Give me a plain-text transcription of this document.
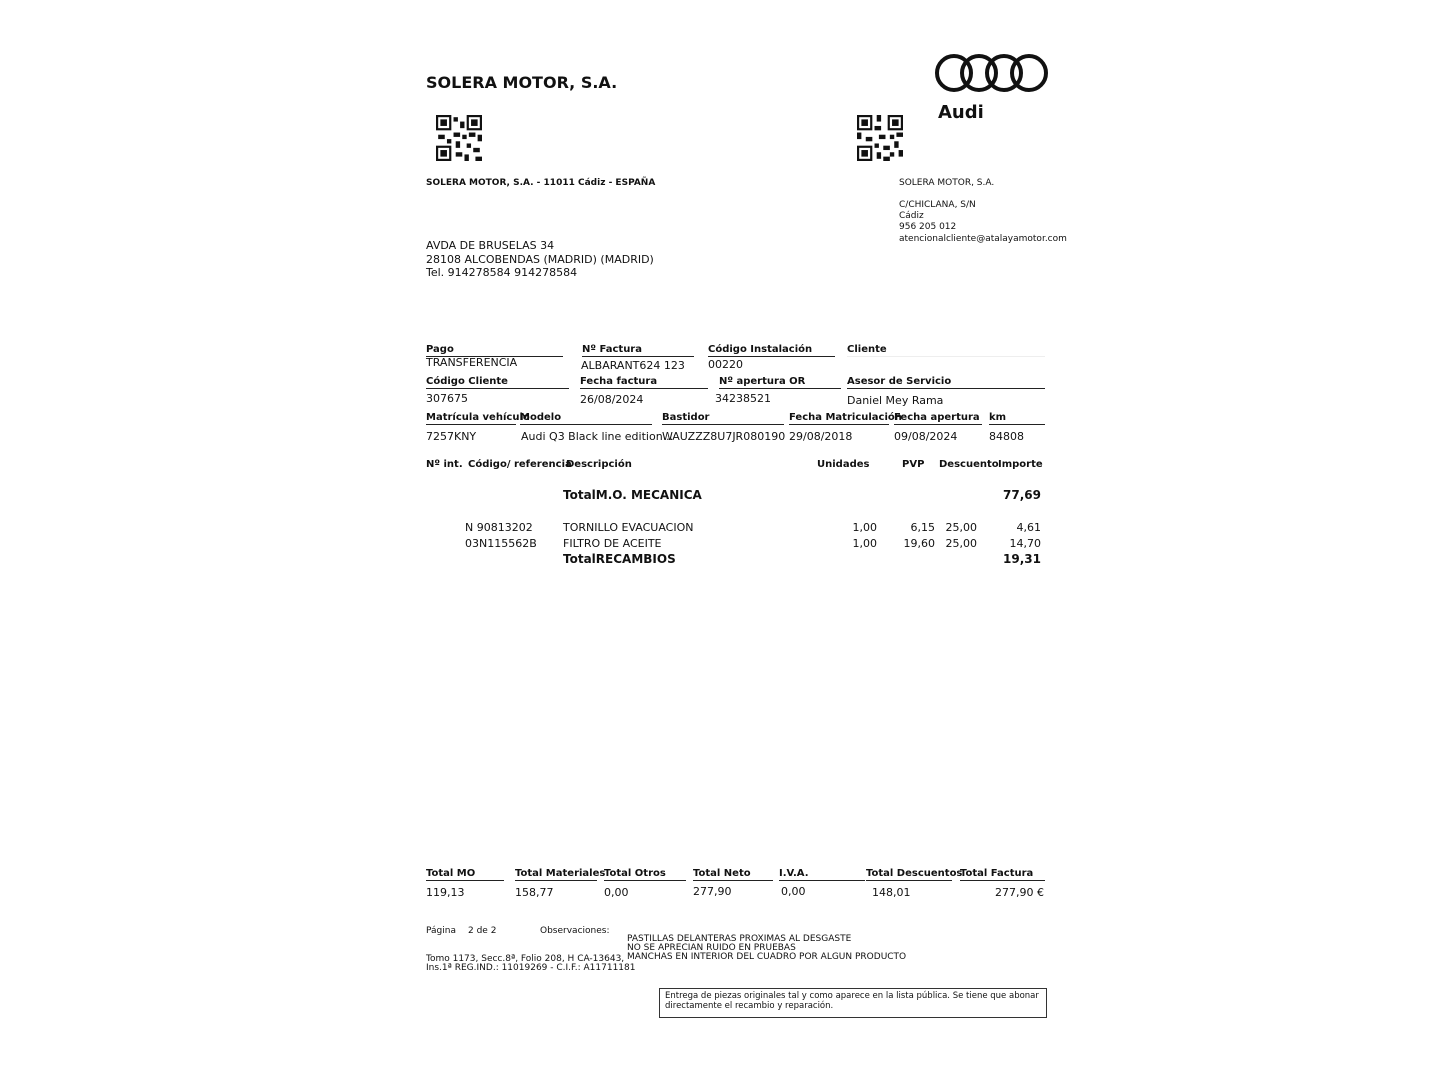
SOLERA MOTOR, S.A.
Audi
SOLERA MOTOR, S.A. - 11011 Cádiz - ESPAÑA	SOLERA MOTOR, S.A.
C/CHICLANA, S/N
Cádiz
956 205 012
atencionalcliente@atalayamotor.com
AVDA DE BRUSELAS 34
28108 ALCOBENDAS (MADRID) (MADRID)
Tel. 914278584 914278584
Pago
TRANSFERENCIA
Nº Factura
ALBARANT624 123
Código Instalación
00220
Cliente
Código Cliente
307675
Fecha factura
26/08/2024
Nº apertura OR
34238521
Asesor de Servicio
Daniel Mey Rama
Matrícula vehículo
7257KNY
Modelo
Audi Q3 Black line edition ..
Bastidor
WAUZZZ8U7JR080190
Fecha Matriculación
29/08/2018
Fecha apertura
09/08/2024
km
84808
Nº int. Código/ referencia
Descripción	Unidades	PVP Descuento Importe
TotalM.O. MECANICA	77,69
N 90813202	TORNILLO EVACUACION	1,00	6,15 25,00	4,61
03N115562B FILTRO DE ACEITE	1,00	19,60 25,00	14,70
TotalRECAMBIOS	19,31
Total MO
119,13
Total Materiales
158,77
Total Otros
0,00
Total Neto
277,90
I.V.A.
0,00
Total Descuentos
148,01
Total Factura
277,90 €
Página 2 de 2	Observaciones:
PASTILLAS DELANTERAS PROXIMAS AL DESGASTE
NO SE APRECIAN RUIDO EN PRUEBAS
MANCHAS EN INTERIOR DEL CUADRO POR ALGUN PRODUCTO
Tomo 1173, Secc.8ª, Folio 208, H CA-13643,
Ins.1ª REG.IND.: 11019269 - C.I.F.: A11711181
Entrega de piezas originales tal y como aparece en la lista pública. Se tiene que abonar directamente el recambio y reparación.
